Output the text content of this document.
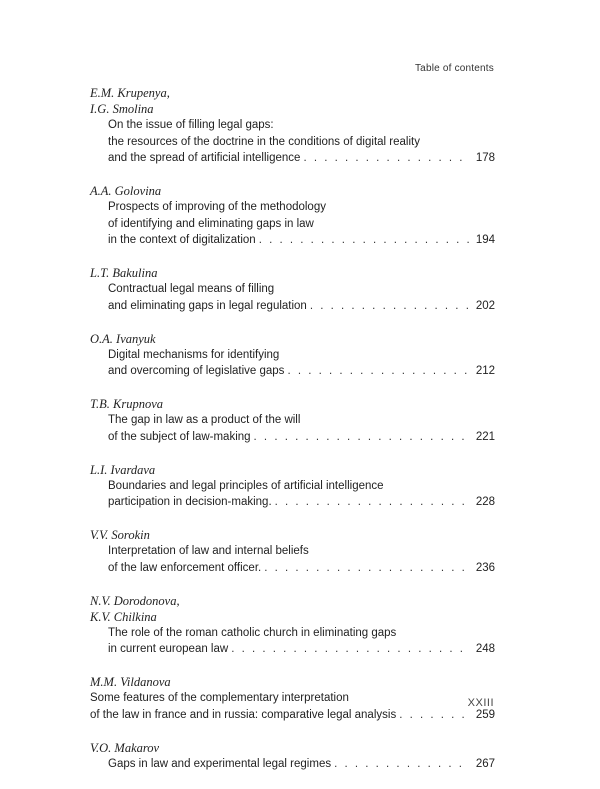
Table of contents
E.M. Krupenya,
I.G. Smolina
On the issue of filling legal gaps:
the resources of the doctrine in the conditions of digital reality
and the spread of artificial intelligence . . .	178
A.A. Golovina
Prospects of improving of the methodology
of identifying and eliminating gaps in law
in the context of digitalization . . .	194
L.T. Bakulina
Contractual legal means of filling
and eliminating gaps in legal regulation . . .	202
O.A. Ivanyuk
Digital mechanisms for identifying
and overcoming of legislative gaps . . .	212
T.B. Krupnova
The gap in law as a product of the will
of the subject of law-making . . .	221
L.I. Ivardava
Boundaries and legal principles of artificial intelligence
participation in decision-making. . . .	228
V.V. Sorokin
Interpretation of law and internal beliefs
of the law enforcement officer. . . .	236
N.V. Dorodonova,
K.V. Chilkina
The role of the roman catholic church in eliminating gaps
in current european law . . .	248
M.M. Vildanova
Some features of the complementary interpretation
of the law in france and in russia: comparative legal analysis . . .	259
V.O. Makarov
Gaps in law and experimental legal regimes . . .	267
XXIII
